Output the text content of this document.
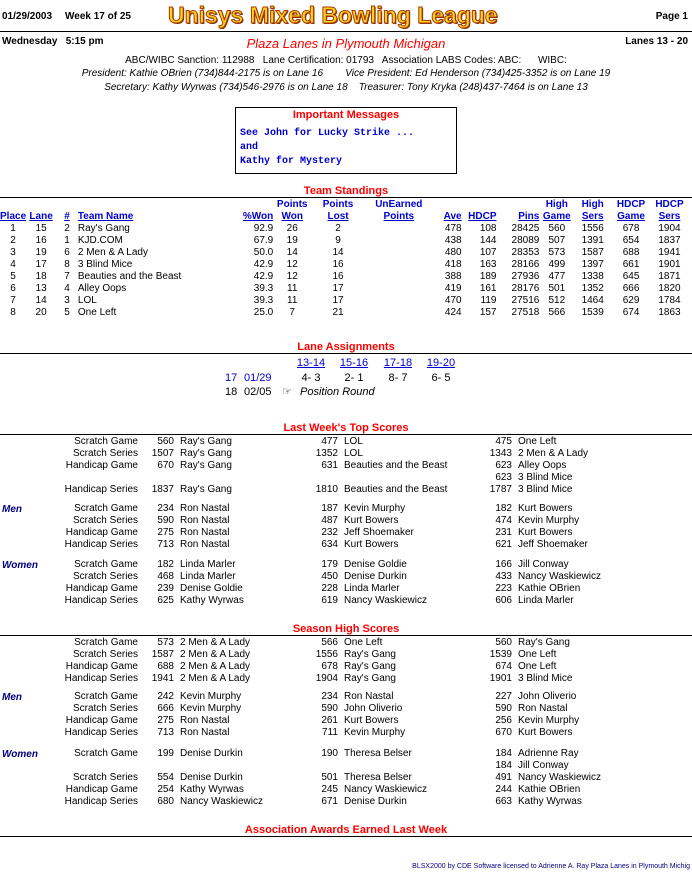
01/29/2003 Week 17 of 25 Unisys Mixed Bowling League	Page 1
Wednesday   5:15 pm	Plaza Lanes in Plymouth Michigan	Lanes 13 - 20
ABC/WIBC Sanction: 112988   Lane Certification: 01793   Association LABS Codes: ABC:      WIBC:
President: Kathie OBrien (734)844-2175 is on Lane 16        Vice President: Ed Henderson (734)425-3352 is on Lane 19
Secretary: Kathy Wyrwas (734)546-2976 is on Lane 18    Treasurer: Tony Kryka (248)437-7464 is on Lane 13
Important Messages
See John for Lucky Strike ...
and
Kathy for Mystery
Team Standings
					Points	Points	UnEarned				High	High	HDCP	HDCP
Place	Lane	#	Team Name	%Won	Won	Lost	Points	Ave	HDCP	Pins	Game	Sers	Game	Sers
1	15	2	Ray's Gang	92.9	26	2		478	108	28425	560	1556	678	1904
2	16	1	KJD.COM	67.9	19	9		438	144	28089	507	1391	654	1837
3	19	6	2 Men & A Lady	50.0	14	14		480	107	28353	573	1587	688	1941
4	17	8	3 Blind Mice	42.9	12	16		418	163	28166	499	1397	661	1901
5	18	7	Beauties and the Beast	42.9	12	16		388	189	27936	477	1338	645	1871
6	13	4	Alley Oops	39.3	11	17		419	161	28176	501	1352	666	1820
7	14	3	LOL	39.3	11	17		470	119	27516	512	1464	629	1784
8	20	5	One Left	25.0	7	21		424	157	27518	566	1539	674	1863
Lane Assignments
13-14	15-16	17-18	19-20
17 01/29	4- 3	2- 1	8- 7	6- 5
18 02/05 ☞ Position Round
Last Week's Top Scores
Scratch Game	560	Ray's Gang	477	LOL	475	One Left
Scratch Series	1507	Ray's Gang	1352	LOL	1343	2 Men & A Lady
Handicap Game	670	Ray's Gang	631	Beauties and the Beast	623	Alley Oops
					623	3 Blind Mice
Handicap Series	1837	Ray's Gang	1810	Beauties and the Beast	1787	3 Blind Mice
Men	Scratch Game	234	Ron Nastal	187	Kevin Murphy	182	Kurt Bowers
Scratch Series	590	Ron Nastal	487	Kurt Bowers	474	Kevin Murphy
Handicap Game	275	Ron Nastal	232	Jeff Shoemaker	231	Kurt Bowers
Handicap Series	713	Ron Nastal	634	Kurt Bowers	621	Jeff Shoemaker
Women	Scratch Game	182	Linda Marler	179	Denise Goldie	166	Jill Conway
Scratch Series	468	Linda Marler	450	Denise Durkin	433	Nancy Waskiewicz
Handicap Game	239	Denise Goldie	228	Linda Marler	223	Kathie OBrien
Handicap Series	625	Kathy Wyrwas	619	Nancy Waskiewicz	606	Linda Marler
Season High Scores
Scratch Game	573	2 Men & A Lady	566	One Left	560	Ray's Gang
Scratch Series	1587	2 Men & A Lady	1556	Ray's Gang	1539	One Left
Handicap Game	688	2 Men & A Lady	678	Ray's Gang	674	One Left
Handicap Series	1941	2 Men & A Lady	1904	Ray's Gang	1901	3 Blind Mice
Men	Scratch Game	242	Kevin Murphy	234	Ron Nastal	227	John Oliverio
Scratch Series	666	Kevin Murphy	590	John Oliverio	590	Ron Nastal
Handicap Game	275	Ron Nastal	261	Kurt Bowers	256	Kevin Murphy
Handicap Series	713	Ron Nastal	711	Kevin Murphy	670	Kurt Bowers
Women	Scratch Game	199	Denise Durkin	190	Theresa Belser	184	Adrienne Ray
					184	Jill Conway
Scratch Series	554	Denise Durkin	501	Theresa Belser	491	Nancy Waskiewicz
Handicap Game	254	Kathy Wyrwas	245	Nancy Waskiewicz	244	Kathie OBrien
Handicap Series	680	Nancy Waskiewicz	671	Denise Durkin	663	Kathy Wyrwas
Association Awards Earned Last Week
BLSX2000 by CDE Software licensed to Adrienne A. Ray Plaza Lanes in Plymouth Michig
